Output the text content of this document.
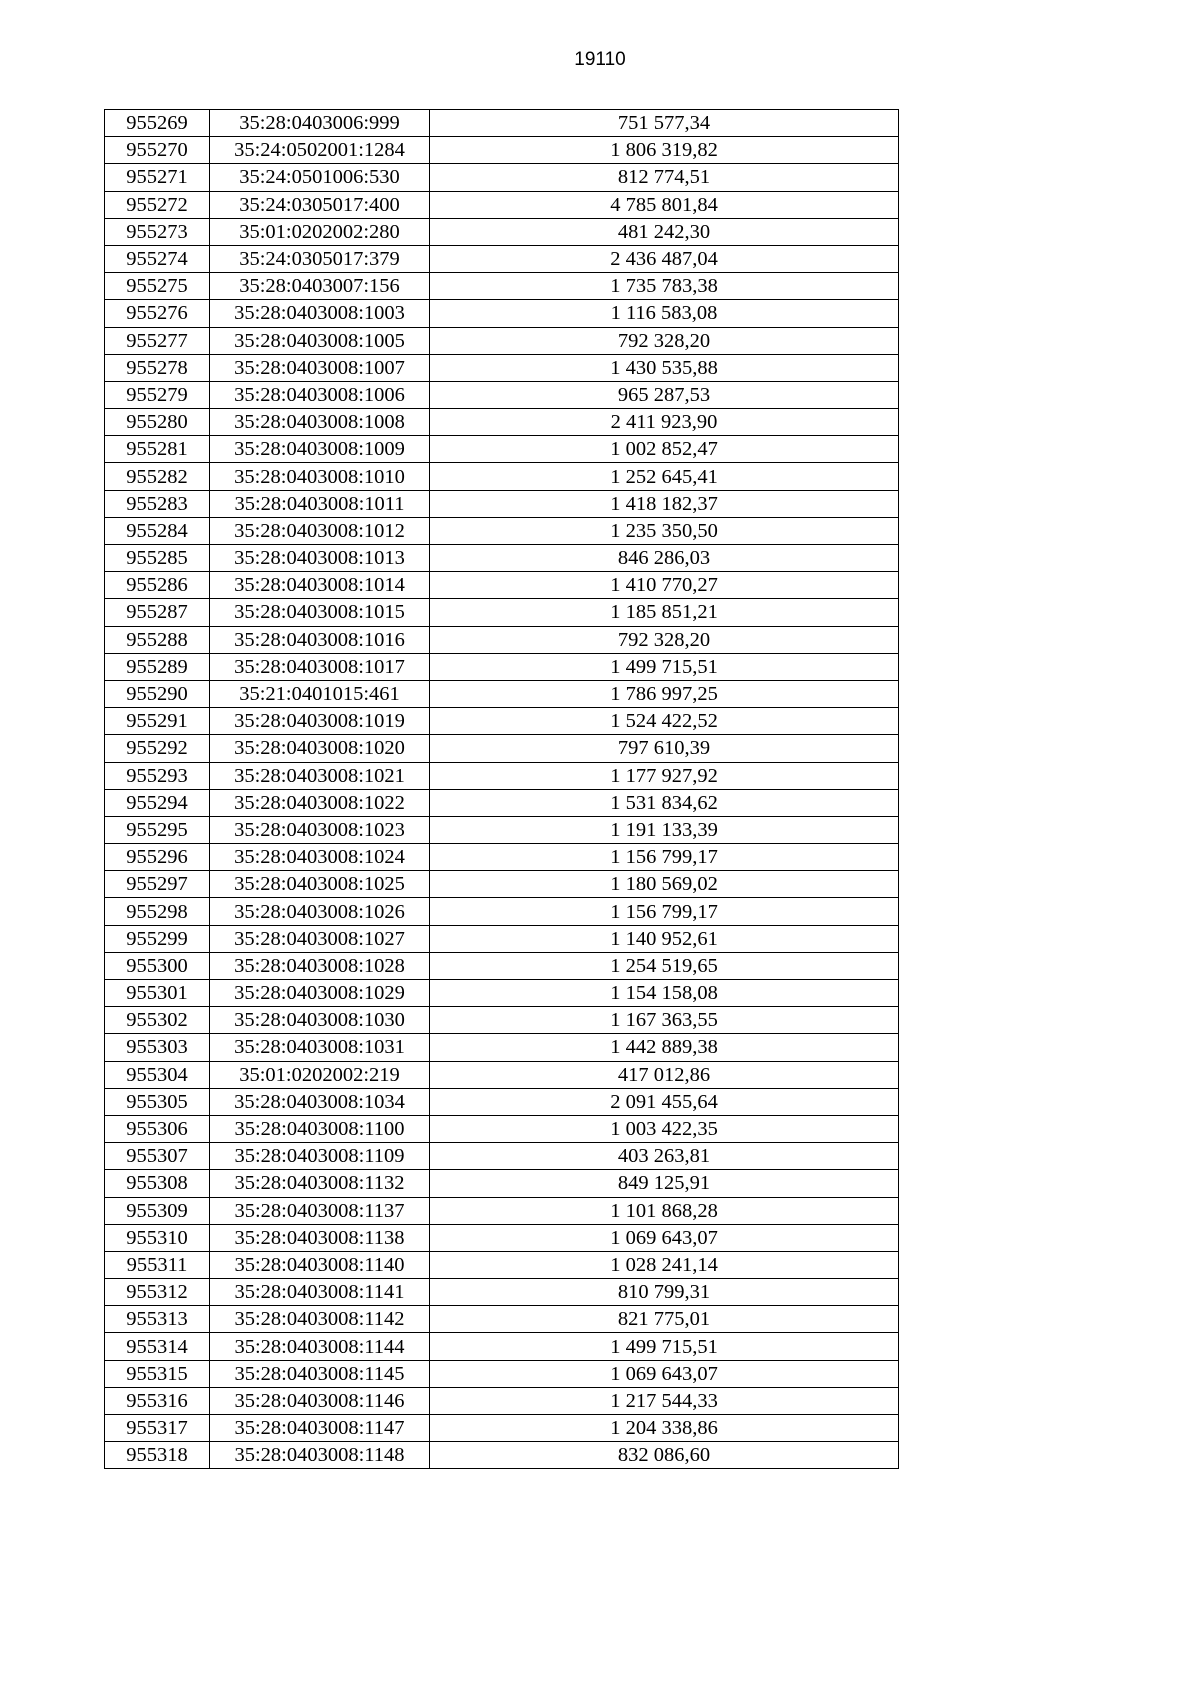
19110
955269	35:28:0403006:999	751 577,34
955270	35:24:0502001:1284	1 806 319,82
955271	35:24:0501006:530	812 774,51
955272	35:24:0305017:400	4 785 801,84
955273	35:01:0202002:280	481 242,30
955274	35:24:0305017:379	2 436 487,04
955275	35:28:0403007:156	1 735 783,38
955276	35:28:0403008:1003	1 116 583,08
955277	35:28:0403008:1005	792 328,20
955278	35:28:0403008:1007	1 430 535,88
955279	35:28:0403008:1006	965 287,53
955280	35:28:0403008:1008	2 411 923,90
955281	35:28:0403008:1009	1 002 852,47
955282	35:28:0403008:1010	1 252 645,41
955283	35:28:0403008:1011	1 418 182,37
955284	35:28:0403008:1012	1 235 350,50
955285	35:28:0403008:1013	846 286,03
955286	35:28:0403008:1014	1 410 770,27
955287	35:28:0403008:1015	1 185 851,21
955288	35:28:0403008:1016	792 328,20
955289	35:28:0403008:1017	1 499 715,51
955290	35:21:0401015:461	1 786 997,25
955291	35:28:0403008:1019	1 524 422,52
955292	35:28:0403008:1020	797 610,39
955293	35:28:0403008:1021	1 177 927,92
955294	35:28:0403008:1022	1 531 834,62
955295	35:28:0403008:1023	1 191 133,39
955296	35:28:0403008:1024	1 156 799,17
955297	35:28:0403008:1025	1 180 569,02
955298	35:28:0403008:1026	1 156 799,17
955299	35:28:0403008:1027	1 140 952,61
955300	35:28:0403008:1028	1 254 519,65
955301	35:28:0403008:1029	1 154 158,08
955302	35:28:0403008:1030	1 167 363,55
955303	35:28:0403008:1031	1 442 889,38
955304	35:01:0202002:219	417 012,86
955305	35:28:0403008:1034	2 091 455,64
955306	35:28:0403008:1100	1 003 422,35
955307	35:28:0403008:1109	403 263,81
955308	35:28:0403008:1132	849 125,91
955309	35:28:0403008:1137	1 101 868,28
955310	35:28:0403008:1138	1 069 643,07
955311	35:28:0403008:1140	1 028 241,14
955312	35:28:0403008:1141	810 799,31
955313	35:28:0403008:1142	821 775,01
955314	35:28:0403008:1144	1 499 715,51
955315	35:28:0403008:1145	1 069 643,07
955316	35:28:0403008:1146	1 217 544,33
955317	35:28:0403008:1147	1 204 338,86
955318	35:28:0403008:1148	832 086,60
